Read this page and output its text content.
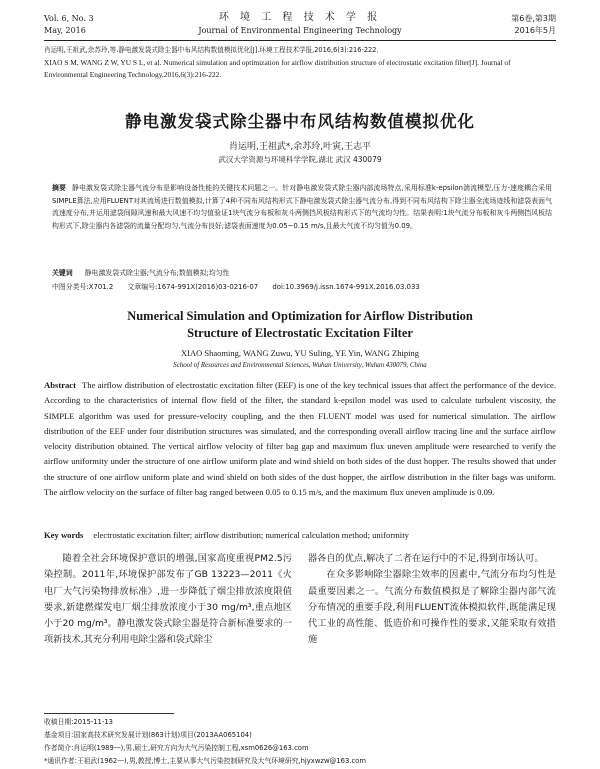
Vol. 6, No. 3
May, 2016
环 境 工 程 技 术 学 报
Journal of Environmental Engineering Technology
第6卷,第3期
2016年5月
肖运明,王祖武,余苏玲,等.静电激发袋式除尘器中布风结构数值模拟优化[J].环境工程技术学报,2016,6(3):216-222.
XIAO S M, WANG Z W, YU S L, et al. Numerical simulation and optimization for airflow distribution structure of electrostatic excitation filter[J]. Journal of Environmental Engineering Technology,2016,6(3):216-222.
静电激发袋式除尘器中布风结构数值模拟优化
肖运明,王祖武*,余苏玲,叶寅,王志平
武汉大学资源与环境科学学院,湖北 武汉 430079
摘要 静电激发袋式除尘器气流分布是影响设备性能的关键技术问题之一。针对静电激发袋式除尘器内部流场特点,采用标准k-epsilon湍流模型,压力-速度耦合采用SIMPLE算法,应用FLUENT对其流场进行数值模拟,计算了4种不同布风结构形式下静电激发袋式除尘器气流分布,得到不同布风结构下除尘器全流场迹线和滤袋表面气流速度分布,并运用滤袋间隙风速和最大风速不均匀值验证1块气流分布板和灰斗两侧挡风板结构形式下的气流均匀性。结果表明:1块气流分布板和灰斗两侧挡风板结构形式下,除尘器内各滤袋的流量分配均匀,气流分布良好;滤袋表面速度为0.05~0.15 m/s,且最大气流不均匀值为0.09。
关键词 静电激发袋式除尘器;气流分布;数值模拟;均匀性
中图分类号:X701.2 文章编号:1674-991X(2016)03-0216-07 doi:10.3969/j.issn.1674-991X.2016.03.033
Numerical Simulation and Optimization for Airflow Distribution
Structure of Electrostatic Excitation Filter
XIAO Shaoming, WANG Zuwu, YU Suling, YE Yin, WANG Zhiping
School of Resources and Environmental Sciences, Wuhan University, Wuhan 430079, China
Abstract The airflow distribution of electrostatic excitation filter (EEF) is one of the key technical issues that affect the performance of the device. According to the characteristics of internal flow field of the filter, the standard k-epsilon model was used to calculate turbulent viscosity, the SIMPLE algorithm was used for pressure-velocity coupling, and the then FLUENT model was used for numerical simulation. The airflow distribution of the EEF under four distribution structures was simulated, and the corresponding overall airflow tracing line and the surface airflow velocity distribution obtained. The vertical airflow velocity of filter bag gap and maximum flux uneven amplitude were researched to verify the airflow uniformity under the structure of one airflow uniform plate and wind shield on both sides of the dust hopper. The results showed that under the structure of one airflow uniform plate and wind shield on both sides of the dust hopper, the airflow distribution in the filter bags was uniform. The airflow velocity on the surface of filter bag ranged between 0.05 to 0.15 m/s, and the maximum flux uneven amplitude is 0.09.
Key words electrostatic excitation filter; airflow distribution; numerical calculation method; uniformity

随着全社会环境保护意识的增强,国家高度重视PM2.5污染控制。2011年,环境保护部发布了GB 13223—2011《火电厂大气污染物排放标准》,进一步降低了烟尘排放浓度限值要求,新建燃煤发电厂烟尘排放浓度小于30 mg/m³,重点地区小于20 mg/m³。静电激发袋式除尘器是符合新标准要求的一项新技术,其充分利用电除尘器和袋式除尘

器各自的优点,解决了二者在运行中的不足,得到市场认可。

在众多影响除尘器除尘效率的因素中,气流分布均匀性是最重要因素之一。气流分布数值模拟是了解除尘器内部气流分布情况的重要手段,利用FLUENT流体模拟软件,既能满足现代工业的高性能、低造价和可操作性的要求,又能采取有效措施

收稿日期:2015-11-13
基金项目:国家高技术研究发展计划(863计划)项目(2013AA065104)
作者简介:肖运明(1989—),男,硕士,研究方向为大气污染控制工程,xsm0626@163.com
*通讯作者:王祖武(1962—),男,教授,博士,主要从事大气污染控制研究及大气环境研究,hjyxwzw@163.com
